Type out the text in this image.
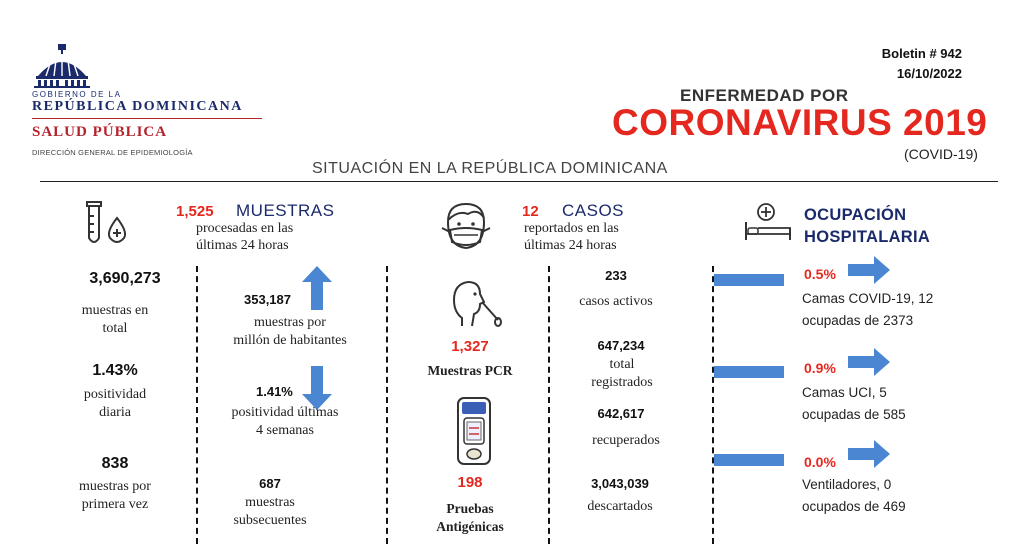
GOBIERNO DE LA
REPÚBLICA DOMINICANA
SALUD PÚBLICA
DIRECCIÓN GENERAL DE EPIDEMIOLOGÍA
Boletin # 942
16/10/2022
ENFERMEDAD POR
CORONAVIRUS 2019
(COVID-19)
SITUACIÓN EN LA REPÚBLICA DOMINICANA
1,525 MUESTRAS
procesadas en las
últimas 24 horas
3,690,273
muestras en
total
1.43%
positividad
diaria
838
muestras por
primera vez
353,187
muestras por
millón de habitantes
1.41%
positividad últimas
4 semanas
687
muestras
subsecuentes
1,327
Muestras PCR
198
Pruebas
Antigénicas
12 CASOS
reportados en las
últimas 24 horas
233
casos activos
647,234
total
registrados
642,617
recuperados
3,043,039
descartados
OCUPACIÓN
HOSPITALARIA
0.5%
Camas COVID-19, 12
ocupadas de 2373
0.9%
Camas UCI, 5
ocupadas de 585
0.0%
Ventiladores, 0
ocupados de 469
